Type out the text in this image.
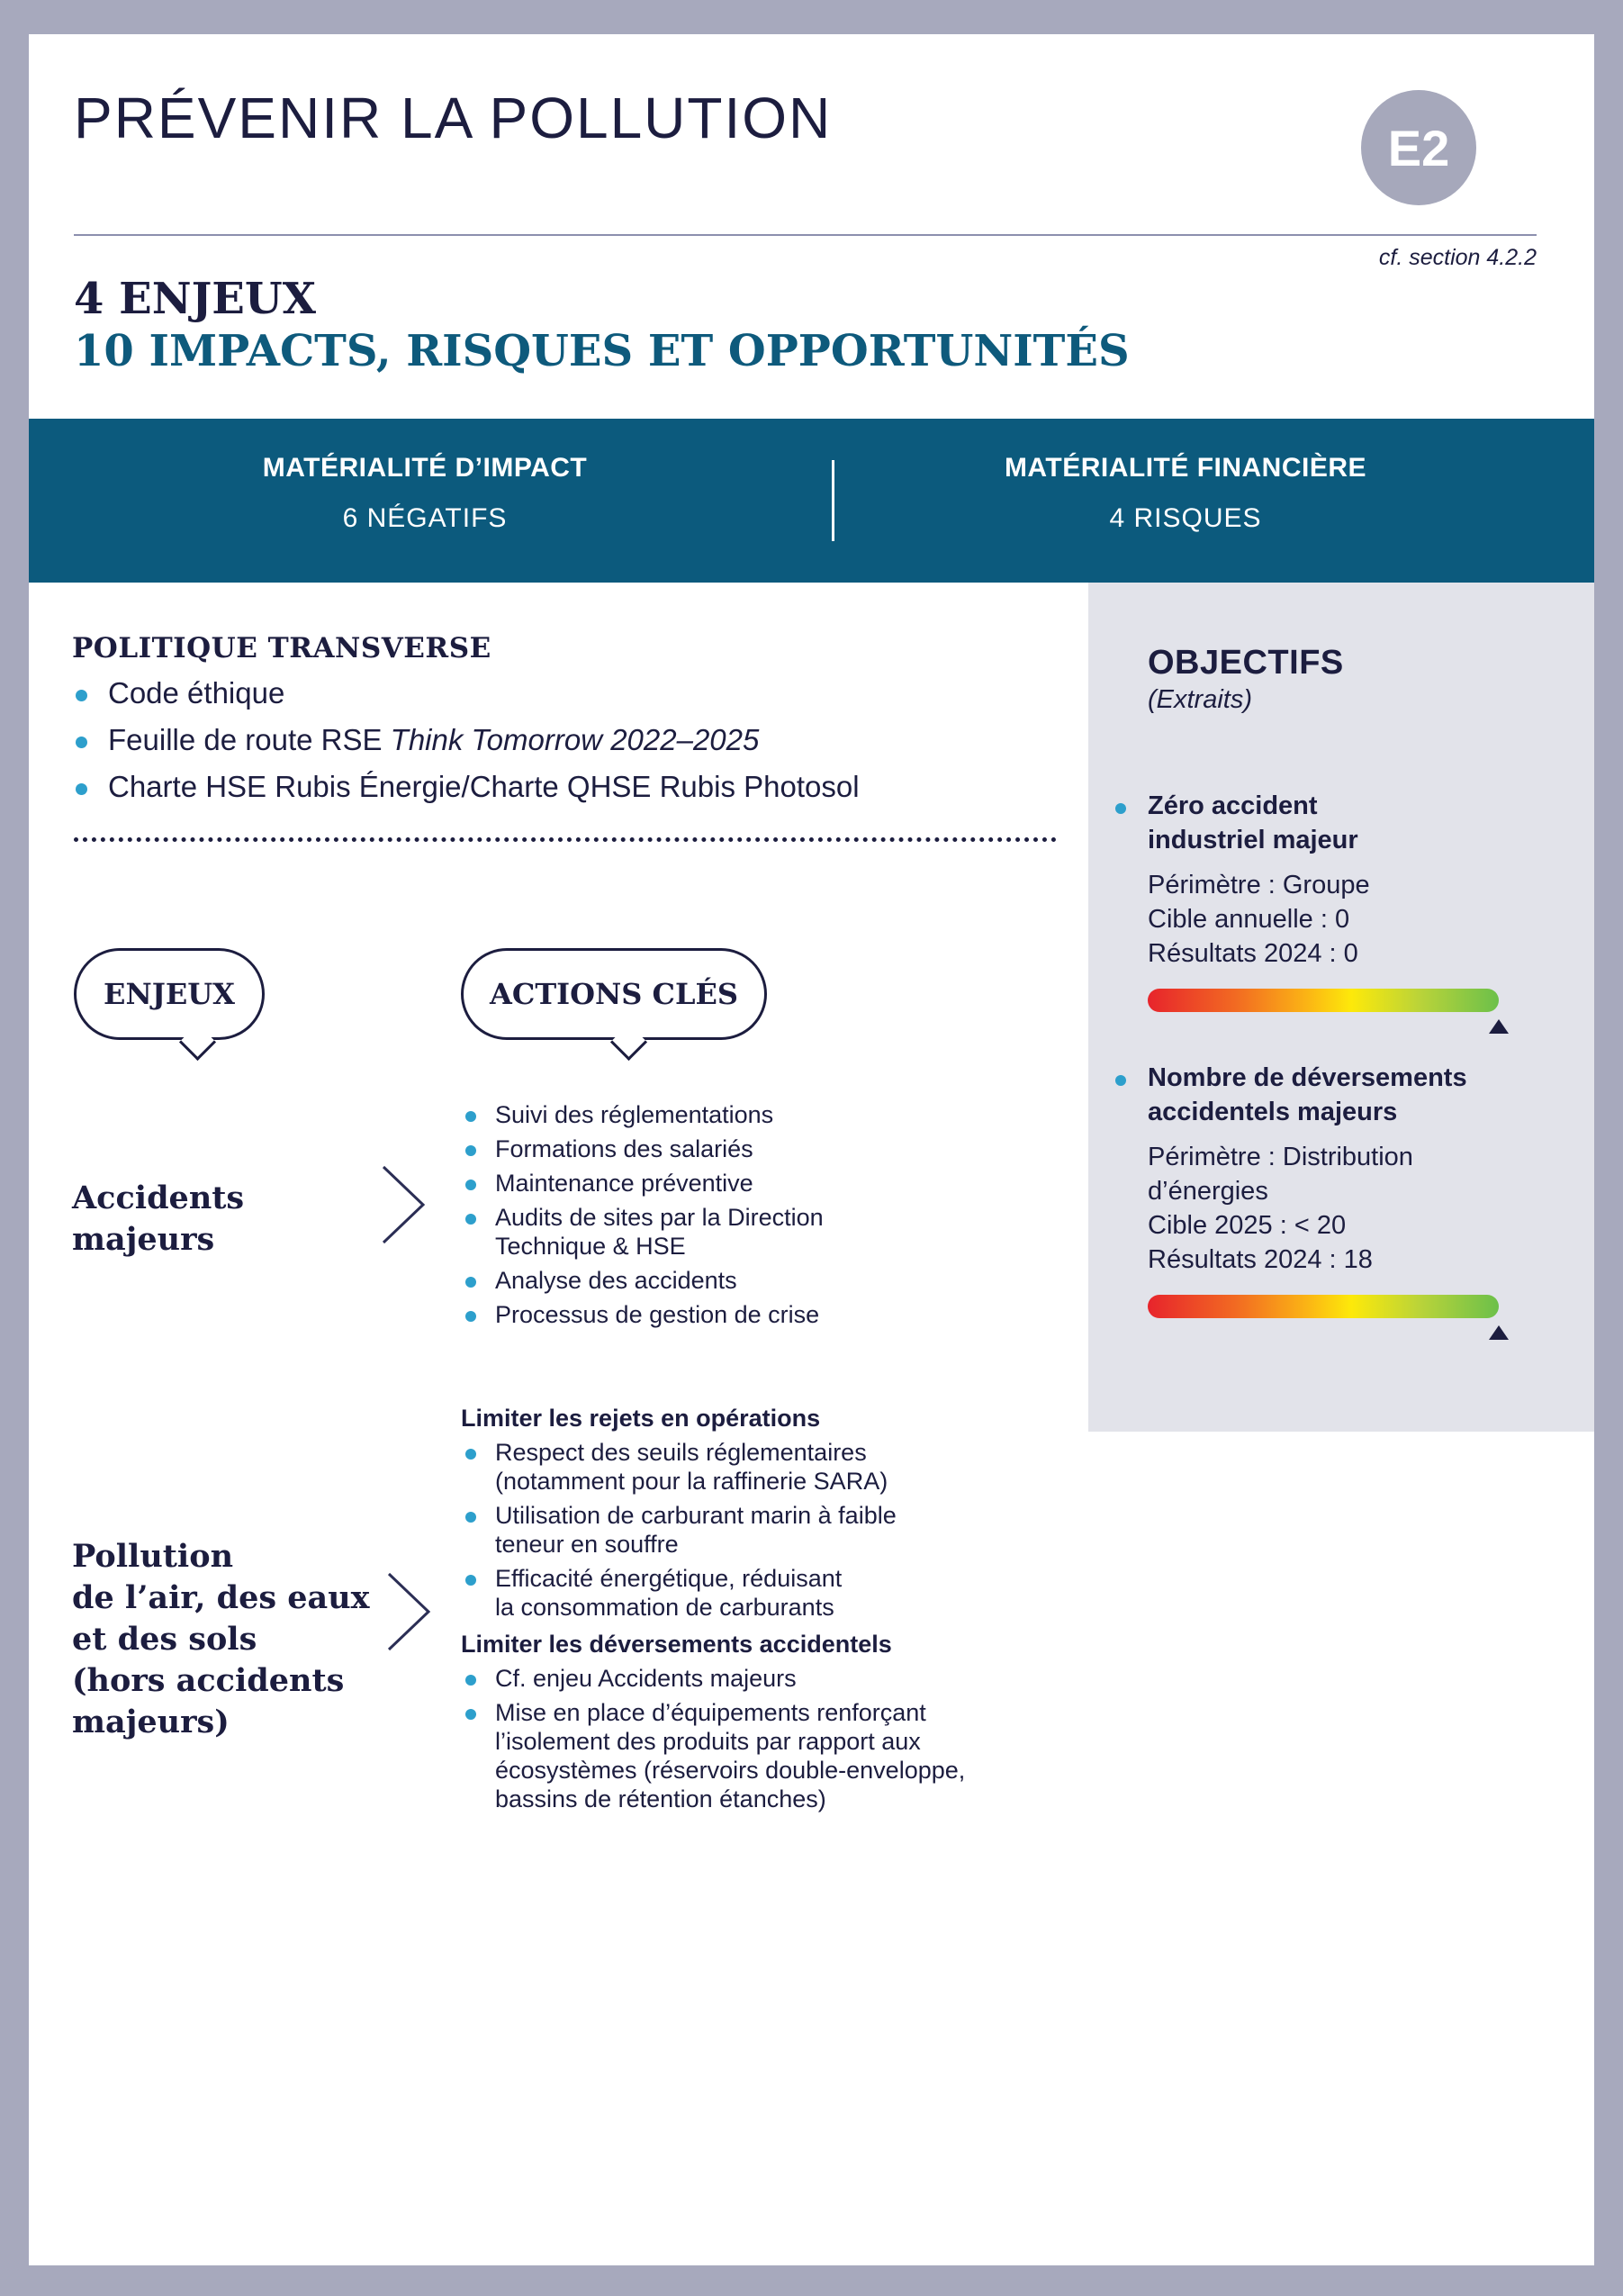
PRÉVENIR LA POLLUTION	E2
cf. section 4.2.2
4 ENJEUX
10 IMPACTS, RISQUES ET OPPORTUNITÉS
MATÉRIALITÉ D’IMPACT
6 NÉGATIFS
MATÉRIALITÉ FINANCIÈRE
4 RISQUES
POLITIQUE TRANSVERSE
Code éthique
Feuille de route RSE Think Tomorrow 2022–2025
Charte HSE Rubis Énergie/Charte QHSE Rubis Photosol
ENJEUX	ACTIONS CLÉS
Accidents
majeurs
Suivi des réglementations
Formations des salariés
Maintenance préventive
Audits de sites par la Direction
Technique & HSE
Analyse des accidents
Processus de gestion de crise
Pollution
de l’air, des eaux
et des sols
(hors accidents
majeurs)
Limiter les rejets en opérations
Respect des seuils réglementaires
(notamment pour la raffinerie SARA)
Utilisation de carburant marin à faible
teneur en souffre
Efficacité énergétique, réduisant
la consommation de carburants
Limiter les déversements accidentels
Cf. enjeu Accidents majeurs
Mise en place d’équipements renforçant
l’isolement des produits par rapport aux
écosystèmes (réservoirs double-enveloppe,
bassins de rétention étanches)
OBJECTIFS
(Extraits)
Zéro accident
industriel majeur
Périmètre : Groupe
Cible annuelle : 0
Résultats 2024 : 0
Nombre de déversements
accidentels majeurs
Périmètre : Distribution
d’énergies
Cible 2025 : < 20
Résultats 2024 : 18
